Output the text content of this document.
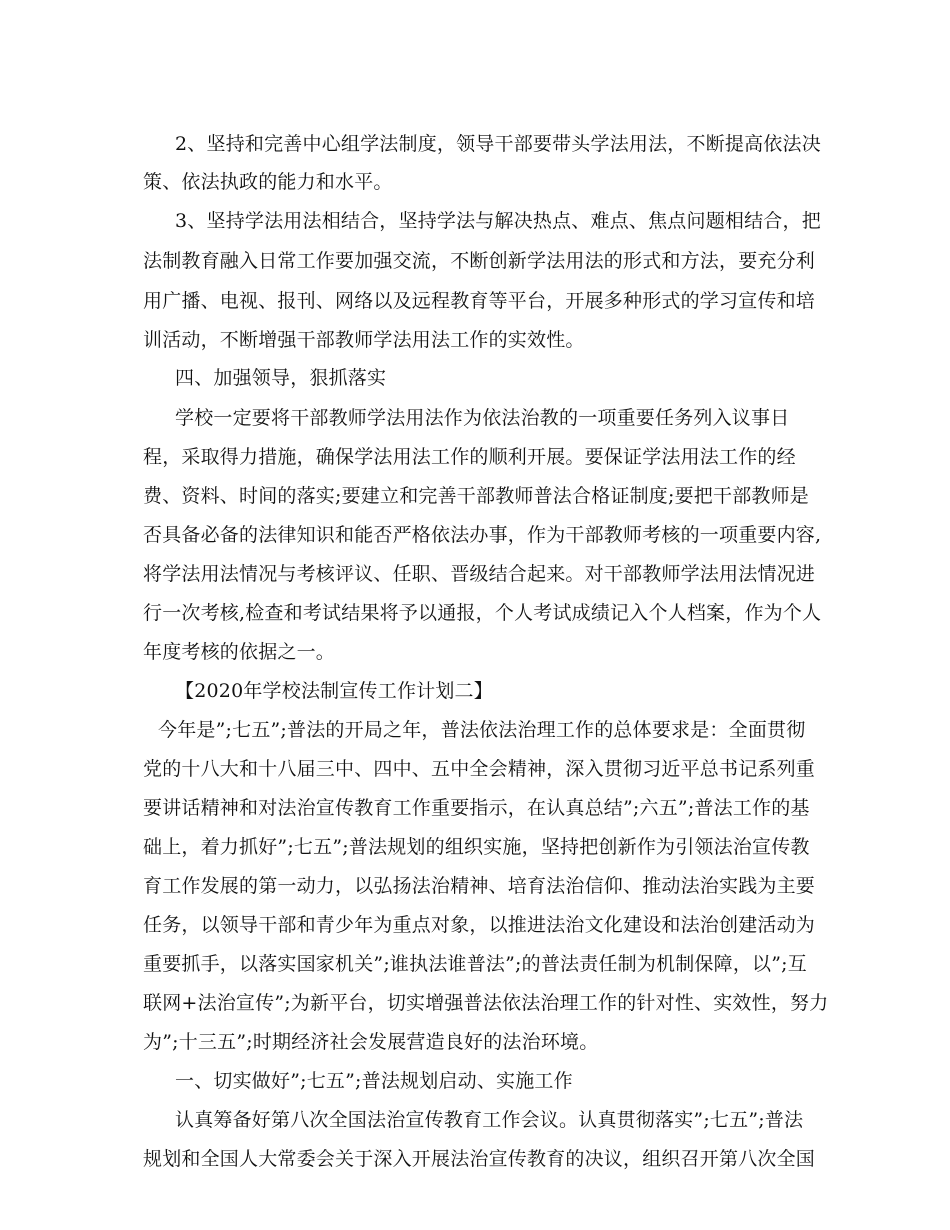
2、坚持和完善中心组学法制度，领导干部要带头学法用法，不断提高依法决
策、依法执政的能力和水平。
3、坚持学法用法相结合，坚持学法与解决热点、难点、焦点问题相结合，把
法制教育融入日常工作要加强交流，不断创新学法用法的形式和方法，要充分利
用广播、电视、报刊、网络以及远程教育等平台，开展多种形式的学习宣传和培
训活动，不断增强干部教师学法用法工作的实效性。
四、加强领导，狠抓落实
学校一定要将干部教师学法用法作为依法治教的一项重要任务列入议事日
程，采取得力措施，确保学法用法工作的顺利开展。要保证学法用法工作的经
费、资料、时间的落实;要建立和完善干部教师普法合格证制度;要把干部教师是
否具备必备的法律知识和能否严格依法办事，作为干部教师考核的一项重要内容,
将学法用法情况与考核评议、任职、晋级结合起来。对干部教师学法用法情况进
行一次考核,检查和考试结果将予以通报，个人考试成绩记入个人档案，作为个人
年度考核的依据之一。
【2020年学校法制宣传工作计划二】
今年是”;七五”;普法的开局之年，普法依法治理工作的总体要求是：全面贯彻
党的十八大和十八届三中、四中、五中全会精神，深入贯彻习近平总书记系列重
要讲话精神和对法治宣传教育工作重要指示，在认真总结”;六五”;普法工作的基
础上，着力抓好”;七五”;普法规划的组织实施，坚持把创新作为引领法治宣传教
育工作发展的第一动力，以弘扬法治精神、培育法治信仰、推动法治实践为主要
任务，以领导干部和青少年为重点对象，以推进法治文化建设和法治创建活动为
重要抓手，以落实国家机关”;谁执法谁普法”;的普法责任制为机制保障，以”;互
联网+法治宣传”;为新平台，切实增强普法依法治理工作的针对性、实效性，努力
为”;十三五”;时期经济社会发展营造良好的法治环境。
一、切实做好”;七五”;普法规划启动、实施工作
认真筹备好第八次全国法治宣传教育工作会议。认真贯彻落实”;七五”;普法
规划和全国人大常委会关于深入开展法治宣传教育的决议，组织召开第八次全国
